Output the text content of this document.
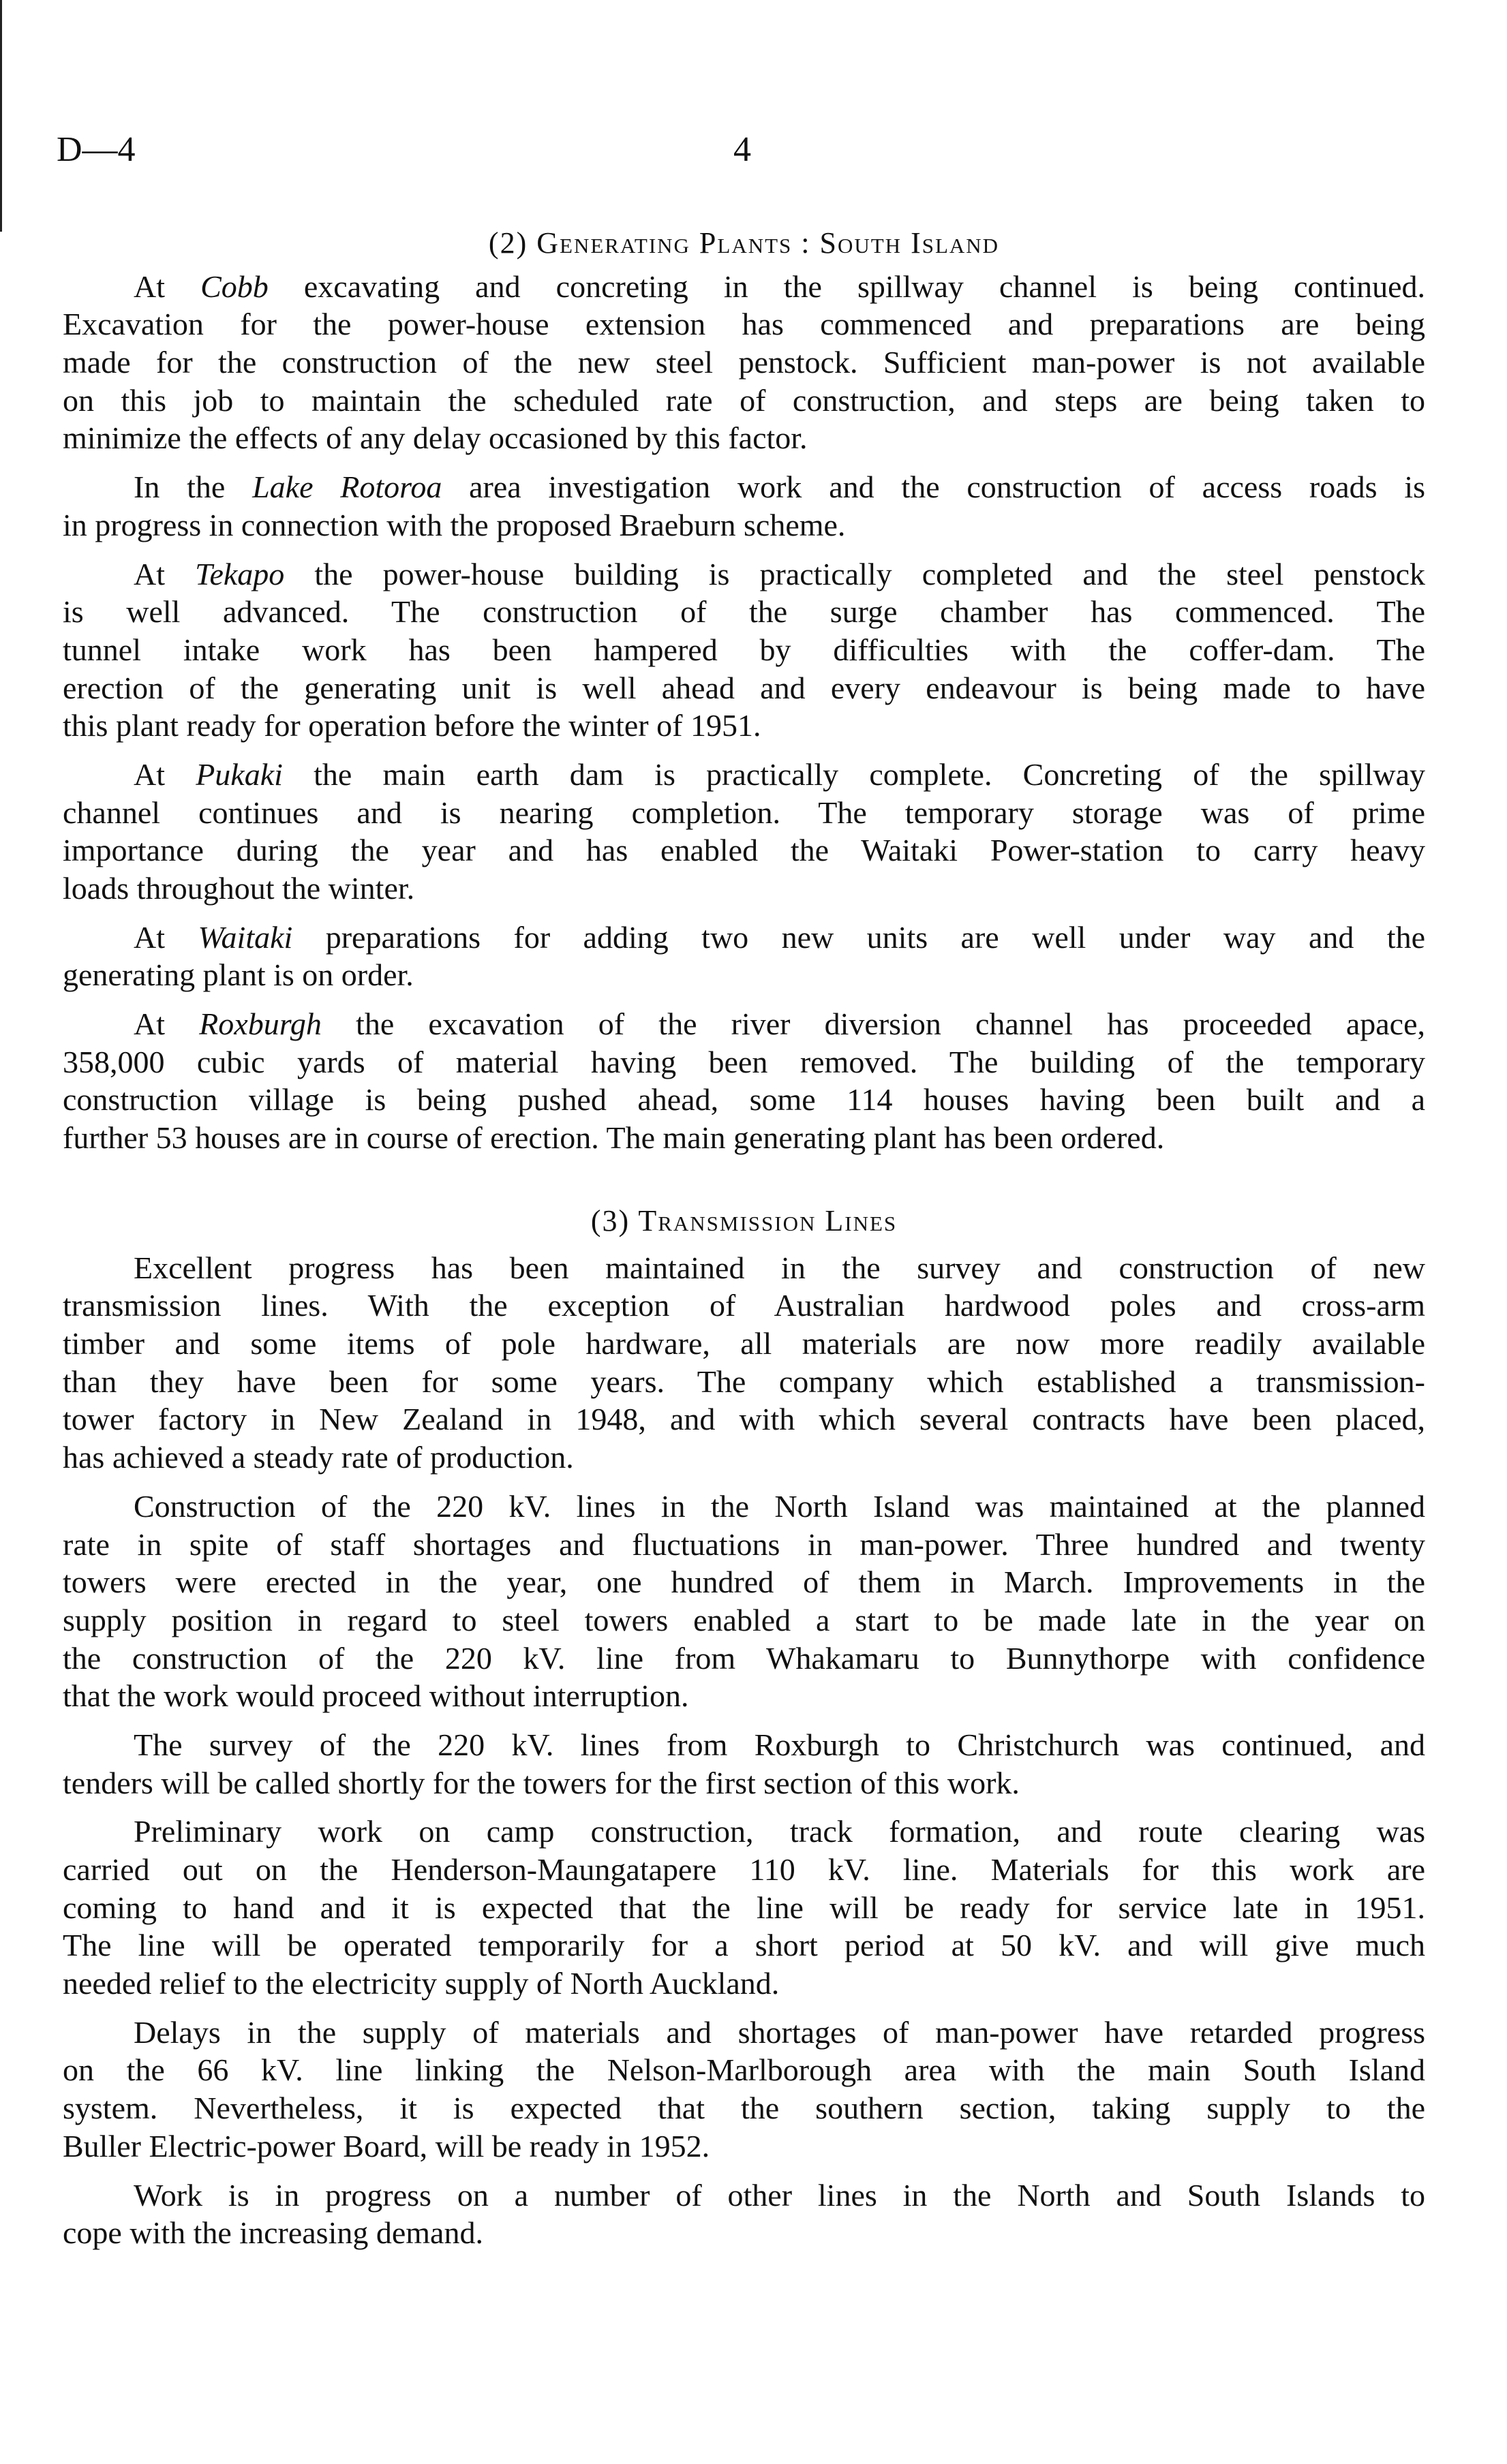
D—4	4
(2) Generating Plants : South Island
At Cobb excavating and concreting in the spillway channel is being continued.
Excavation for the power-house extension has commenced and preparations are being
made for the construction of the new steel penstock. Sufficient man-power is not available
on this job to maintain the scheduled rate of construction, and steps are being taken to
minimize the effects of any delay occasioned by this factor.
In the Lake Rotoroa area investigation work and the construction of access roads is
in progress in connection with the proposed Braeburn scheme.
At Tekapo the power-house building is practically completed and the steel penstock
is well advanced. The construction of the surge chamber has commenced. The
tunnel intake work has been hampered by difficulties with the coffer-dam. The
erection of the generating unit is well ahead and every endeavour is being made to have
this plant ready for operation before the winter of 1951.
At Pukaki the main earth dam is practically complete. Concreting of the spillway
channel continues and is nearing completion. The temporary storage was of prime
importance during the year and has enabled the Waitaki Power-station to carry heavy
loads throughout the winter.
At Waitaki preparations for adding two new units are well under way and the
generating plant is on order.
At Roxburgh the excavation of the river diversion channel has proceeded apace,
358,000 cubic yards of material having been removed. The building of the temporary
construction village is being pushed ahead, some 114 houses having been built and a
further 53 houses are in course of erection. The main generating plant has been ordered.
(3) Transmission Lines
Excellent progress has been maintained in the survey and construction of new
transmission lines. With the exception of Australian hardwood poles and cross-arm
timber and some items of pole hardware, all materials are now more readily available
than they have been for some years. The company which established a transmission-
tower factory in New Zealand in 1948, and with which several contracts have been placed,
has achieved a steady rate of production.
Construction of the 220 kV. lines in the North Island was maintained at the planned
rate in spite of staff shortages and fluctuations in man-power. Three hundred and twenty
towers were erected in the year, one hundred of them in March. Improvements in the
supply position in regard to steel towers enabled a start to be made late in the year on
the construction of the 220 kV. line from Whakamaru to Bunnythorpe with confidence
that the work would proceed without interruption.
The survey of the 220 kV. lines from Roxburgh to Christchurch was continued, and
tenders will be called shortly for the towers for the first section of this work.
Preliminary work on camp construction, track formation, and route clearing was
carried out on the Henderson-Maungatapere 110 kV. line. Materials for this work are
coming to hand and it is expected that the line will be ready for service late in 1951.
The line will be operated temporarily for a short period at 50 kV. and will give much
needed relief to the electricity supply of North Auckland.
Delays in the supply of materials and shortages of man-power have retarded progress
on the 66 kV. line linking the Nelson-Marlborough area with the main South Island
system. Nevertheless, it is expected that the southern section, taking supply to the
Buller Electric-power Board, will be ready in 1952.
Work is in progress on a number of other lines in the North and South Islands to
cope with the increasing demand.
